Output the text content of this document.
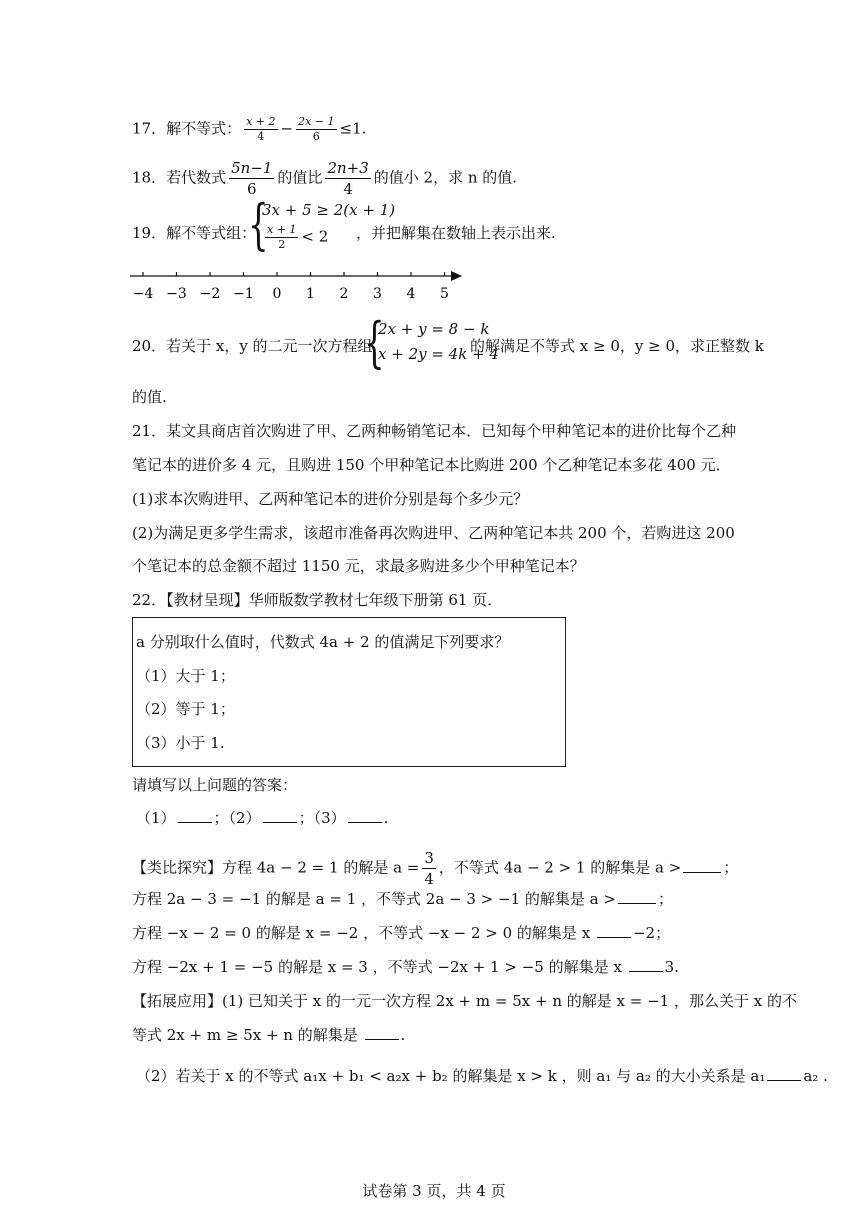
17．解不等式： $\frac{x + 2}{4} - \frac{2x - 1}{6} \le 1$.
18．若代数式 $\frac{5n-1}{6}$ 的值比 $\frac{2n+3}{4}$ 的值小 2，求 n 的值.
19．解不等式组：
{
3x + 5 ≥ 2(x + 1)
$\frac{x + 1}{2} < 2$ ，并把解集在数轴上表示出来.
−4 −3 −2 −1 0 1 2 3 4 5
20．若关于 x，y 的二元一次方程组
{
2x + y = 8 − k
x + 2y = 4k + 4
的解满足不等式 x ≥ 0，y ≥ 0，求正整数 k
的值.
21．某文具商店首次购进了甲、乙两种畅销笔记本．已知每个甲种笔记本的进价比每个乙种
笔记本的进价多 4 元，且购进 150 个甲种笔记本比购进 200 个乙种笔记本多花 400 元．
(1)求本次购进甲、乙两种笔记本的进价分别是每个多少元？
(2)为满足更多学生需求，该超市准备再次购进甲、乙两种笔记本共 200 个，若购进这 200
个笔记本的总金额不超过 1150 元，求最多购进多少个甲种笔记本？
22．【教材呈现】华师版数学教材七年级下册第 61 页．
a 分别取什么值时，代数式 4a + 2 的值满足下列要求？
（1）大于 1；
（2）等于 1；
（3）小于 1.
请填写以上问题的答案：
（1）	；（2）	；（3）	.
【类比探究】方程 4a − 2 = 1 的解是 $a = \frac{3}{4}$ ，不等式 4a − 2 > 1 的解集是 a >	；
方程 2a − 3 = −1 的解是 a = 1 ，不等式 2a − 3 > −1 的解集是 a >	；
方程 −x − 2 = 0 的解是 x = −2 ，不等式 −x − 2 > 0 的解集是 x	−2；
方程 −2x + 1 = −5 的解是 x = 3 ，不等式 −2x + 1 > −5 的解集是 x	3.
【拓展应用】(1) 已知关于 x 的一元一次方程 2x + m = 5x + n 的解是 x = −1 ，那么关于 x 的不
等式 2x + m ≥ 5x + n 的解集是	.
（2）若关于 x 的不等式 a₁x + b₁ < a₂x + b₂ 的解集是 x > k ，则 a₁ 与 a₂ 的大小关系是 a₁	a₂ .
试卷第 3 页，共 4 页
